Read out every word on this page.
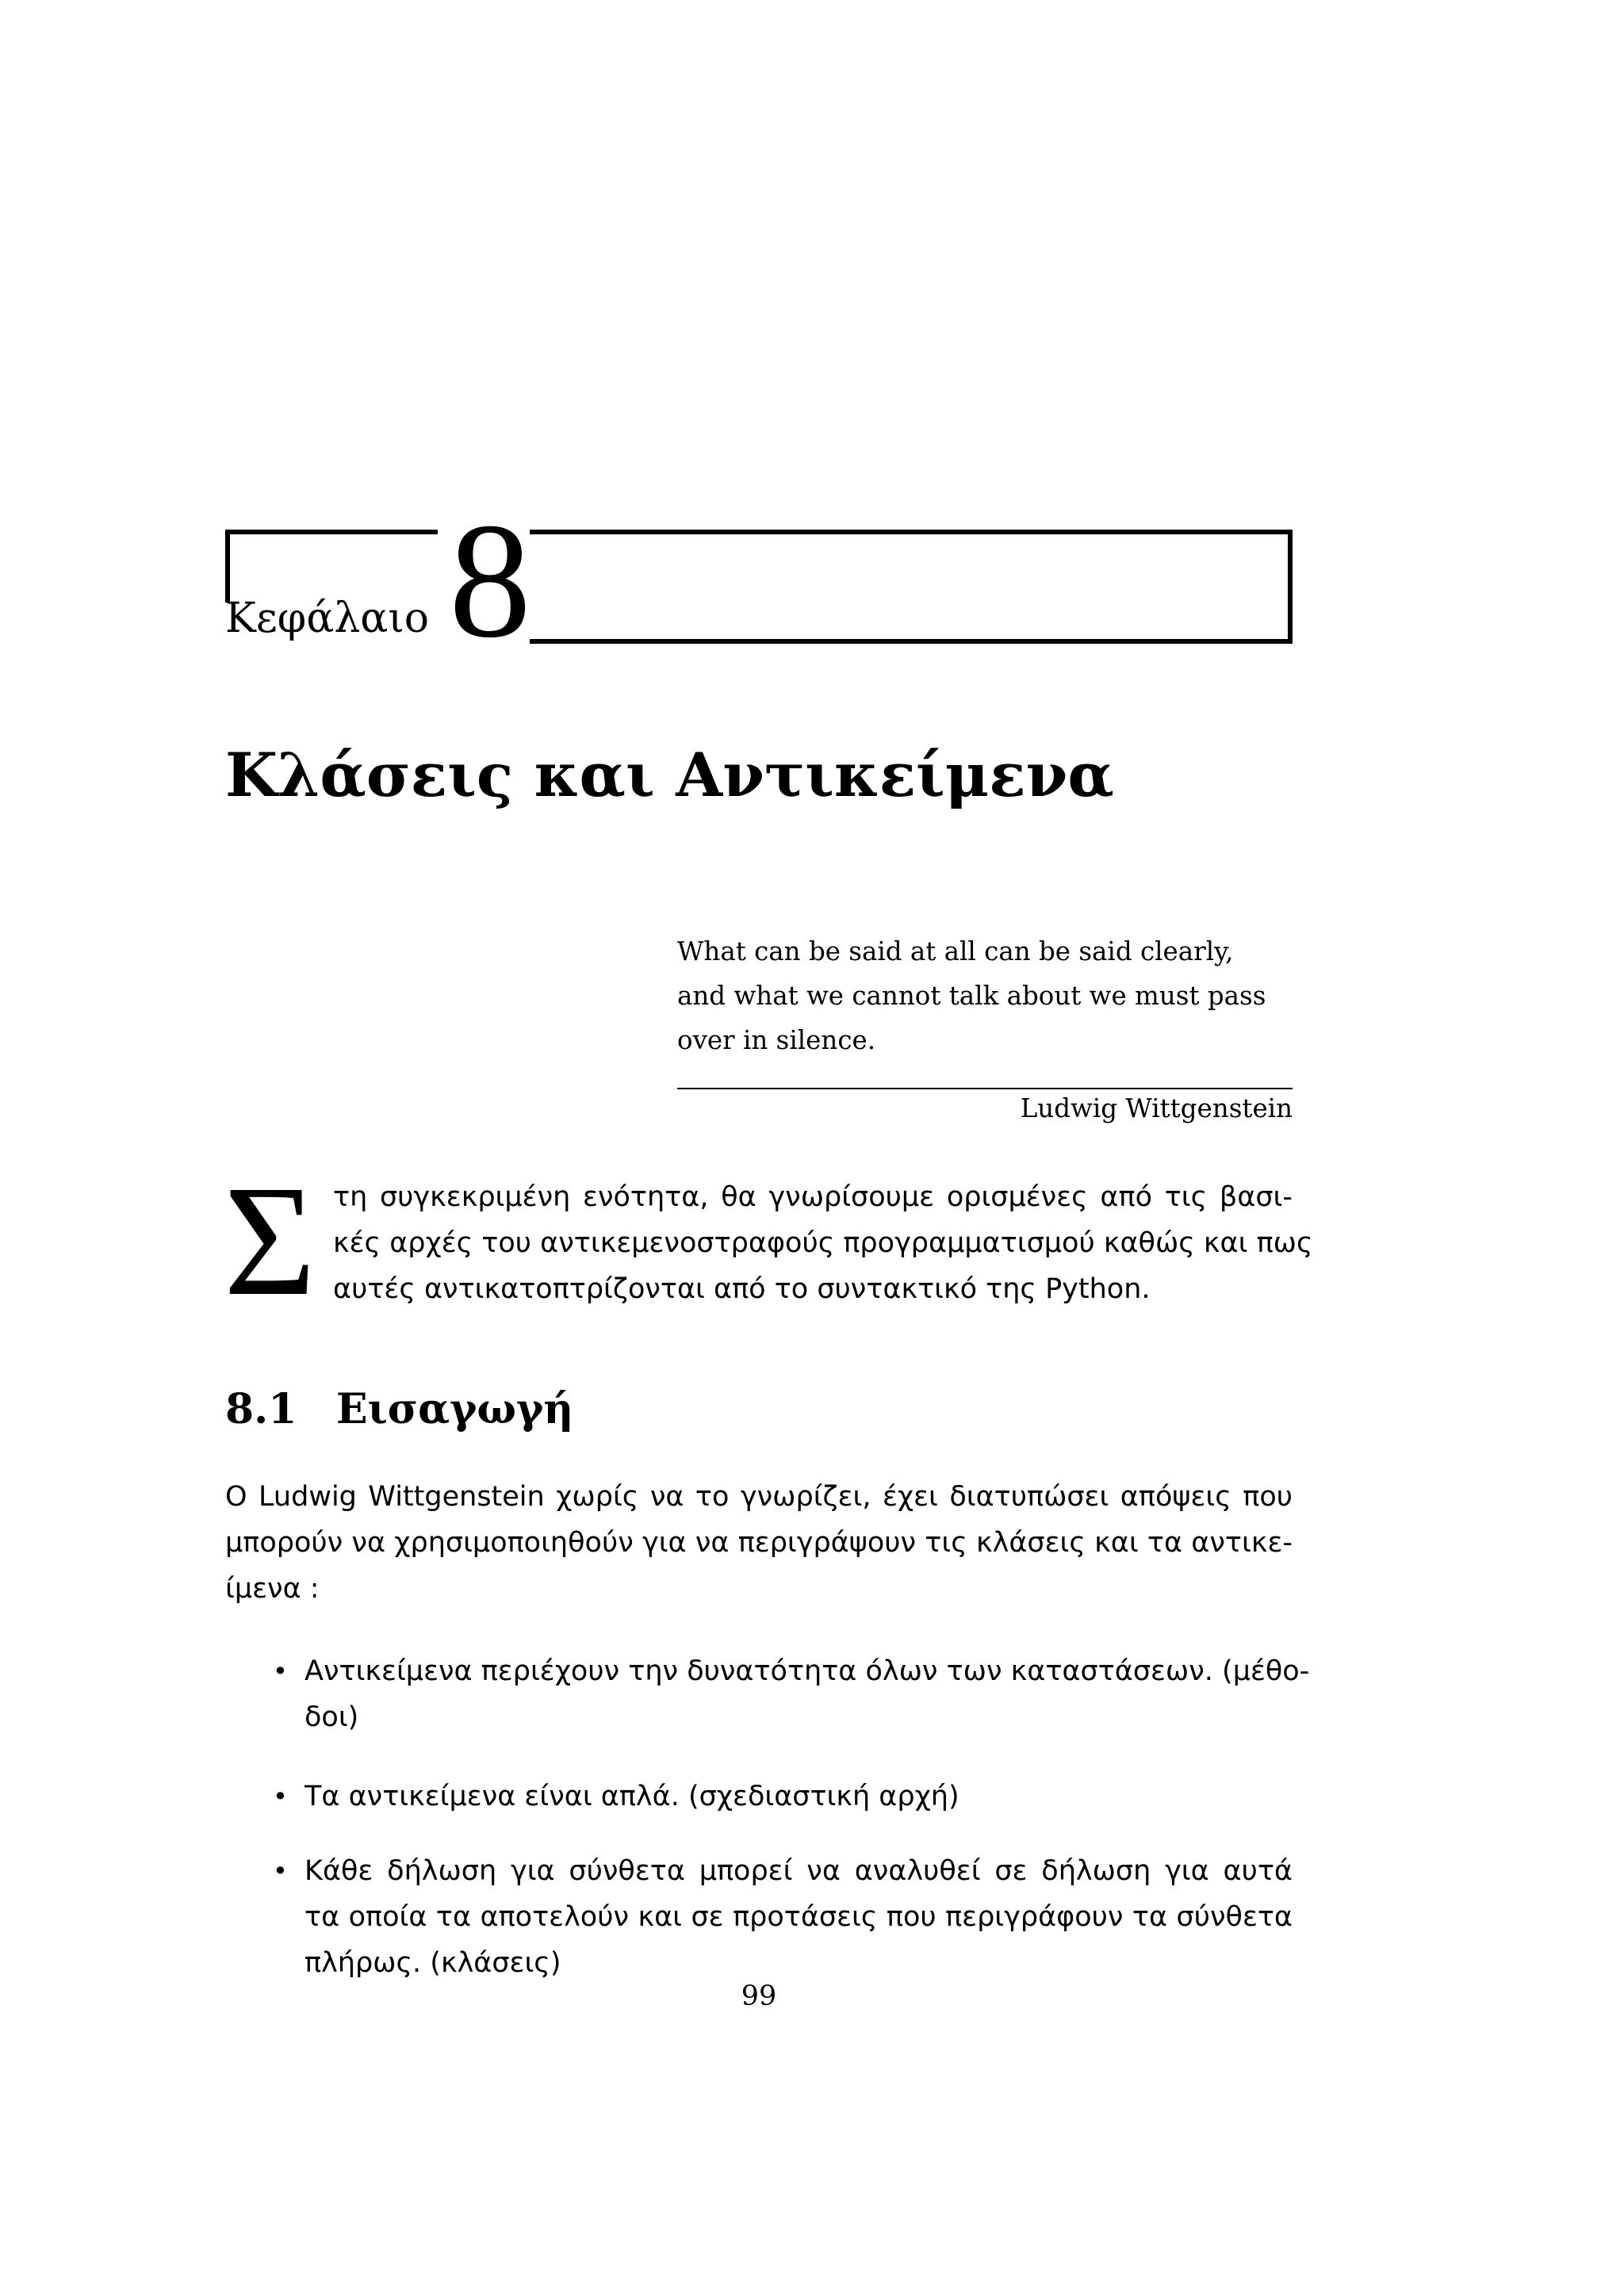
Κεφάλαιο 8
Κλάσεις και Αντικείμενα
What can be said at all can be said clearly,
and what we cannot talk about we must pass
over in silence.
Ludwig Wittgenstein
Σ τη συγκεκριμένη ενότητα, θα γνωρίσουμε ορισμένες από τις βασι-
κές αρχές του αντικεμενοστραφούς προγραμματισμού καθώς και πως
αυτές αντικατοπτρίζονται από το συντακτικό της Python.
8.1 Εισαγωγή
Ο Ludwig Wittgenstein χωρίς να το γνωρίζει, έχει διατυπώσει απόψεις που
μπορούν να χρησιμοποιηθούν για να περιγράψουν τις κλάσεις και τα αντικε-
ίμενα :
• Αντικείμενα περιέχουν την δυνατότητα όλων των καταστάσεων. (μέθο-
δοι)
• Τα αντικείμενα είναι απλά. (σχεδιαστική αρχή)
• Κάθε δήλωση για σύνθετα μπορεί να αναλυθεί σε δήλωση για αυτά
τα οποία τα αποτελούν και σε προτάσεις που περιγράφουν τα σύνθετα
πλήρως. (κλάσεις)
99
